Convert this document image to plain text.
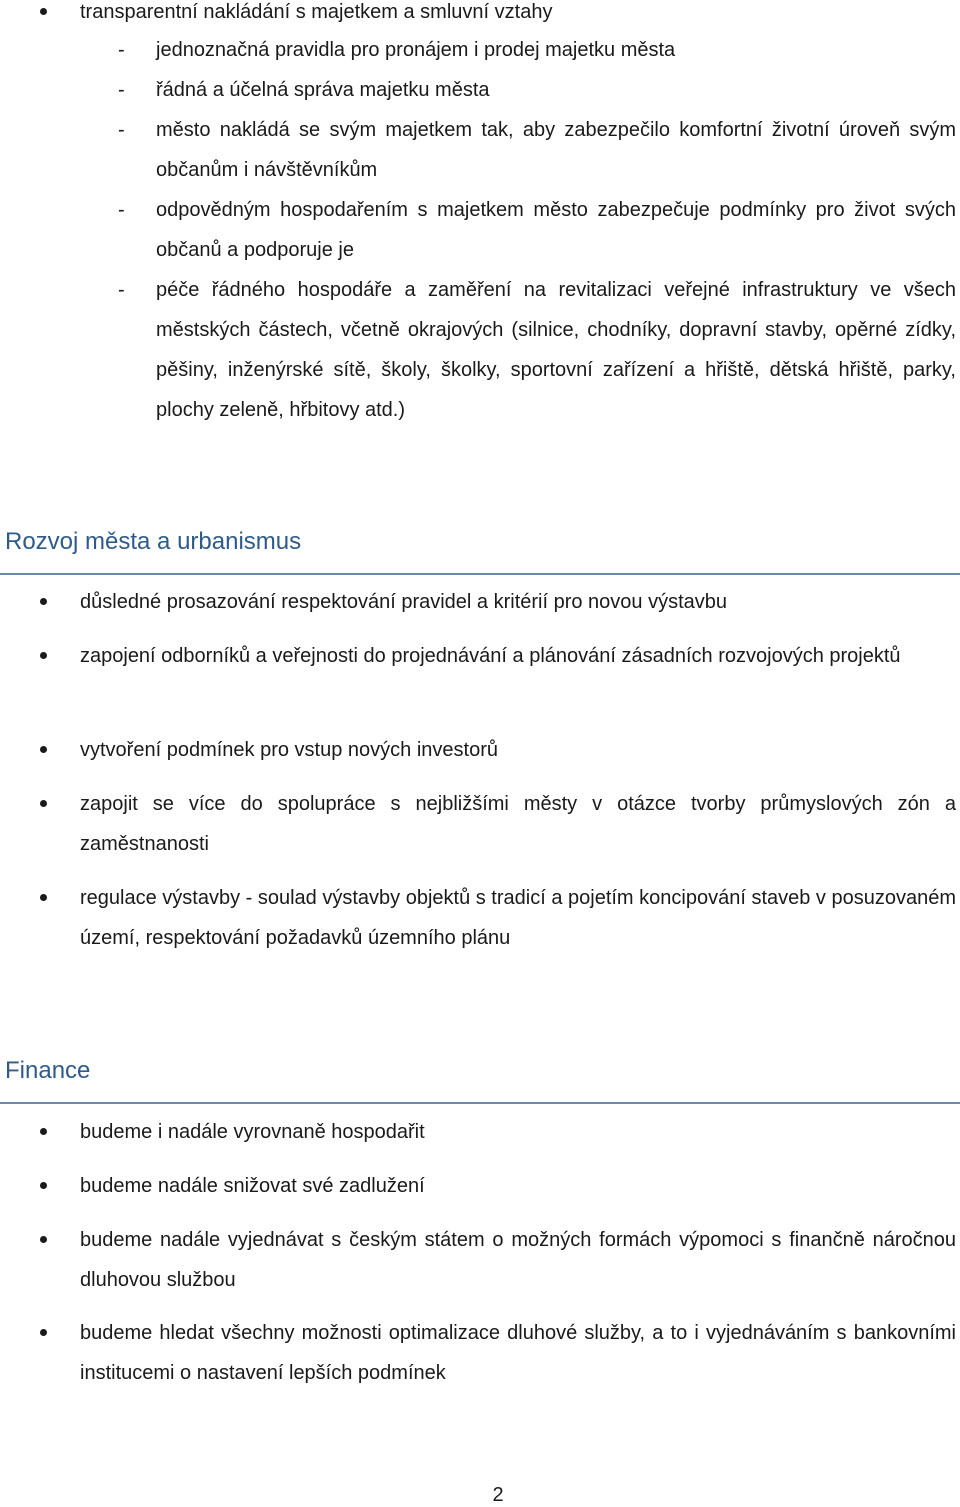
transparentní nakládání s majetkem a smluvní vztahy
- jednoznačná pravidla pro pronájem i prodej majetku města
- řádná a účelná správa majetku města
- město nakládá se svým majetkem tak, aby zabezpečilo komfortní životní úroveň svým občanům i návštěvníkům
- odpovědným hospodařením s majetkem město zabezpečuje podmínky pro život svých občanů a podporuje je
- péče řádného hospodáře a zaměření na revitalizaci veřejné infrastruktury ve všech městských částech, včetně okrajových (silnice, chodníky, dopravní stavby, opěrné zídky, pěšiny, inženýrské sítě, školy, školky, sportovní zařízení a hřiště, dětská hřiště, parky, plochy zeleně, hřbitovy atd.)
Rozvoj města a urbanismus
důsledné prosazování respektování pravidel a kritérií pro novou výstavbu
zapojení odborníků a veřejnosti do projednávání a plánování zásadních rozvojových projektů
vytvoření podmínek pro vstup nových investorů
zapojit se více do spolupráce s nejbližšími městy v otázce tvorby průmyslových zón a zaměstnanosti
regulace výstavby - soulad výstavby objektů s tradicí a pojetím koncipování staveb v posuzovaném území, respektování požadavků územního plánu
Finance
budeme i nadále vyrovnaně hospodařit
budeme nadále snižovat své zadlužení
budeme nadále vyjednávat s českým státem o možných formách výpomoci s finančně náročnou dluhovou službou
budeme hledat všechny možnosti optimalizace dluhové služby, a to i vyjednáváním s bankovními institucemi o nastavení lepších podmínek
2
